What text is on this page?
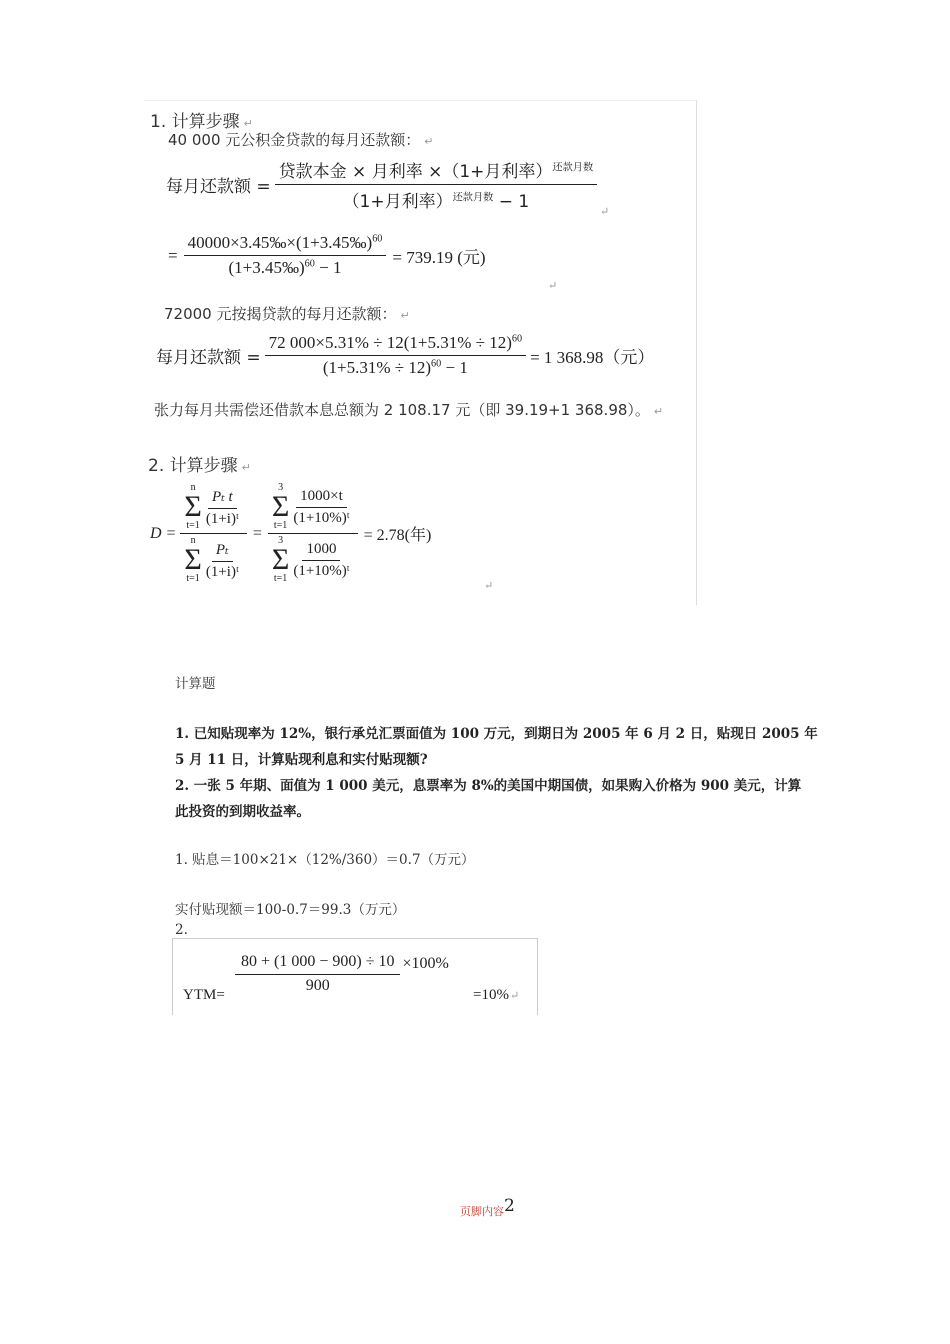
1. 计算步骤 ↵
40 000 元公积金贷款的每月还款额： ↵
每月还款额 = $\frac{贷款本金 \times 月利率 \times(1+月利率)^{还款月数}}{(1+月利率)^{还款月数} - 1}$ ↵
= $\frac{40000\times 3.45‰\times(1+3.45‰)^{60}}{(1+3.45‰)^{60} - 1} = 739.19$ (元)
↵
72000 元按揭贷款的每月还款额： ↵
每月还款额 = $\frac{72 000\times 5.31\% \div 12(1+5.31\% \div 12)^{60}}{(1+5.31\% \div 12)^{60} - 1} = 1$ 368.98（元）
张力每月共需偿还借款本息总额为 2 108.17 元（即 39.19+1 368.98）。 ↵
2. 计算步骤 ↵
D = n
Σ
$t=1 \frac{\text{Pₜ t}}{\text{(1+i)ᵗ}}$
n
Σ
$t=1 \frac{\text{Pₜ}}{\text{(1+i)ᵗ}} = 3$
Σ
$t=1 \frac{1000\times t}{\text{(1+10\%)ᵗ}}$
3
Σ
$t=1 \frac{1000}{\text{(1+10\%)ᵗ}} = 2.78$(年)
↵
计算题
1. 已知贴现率为 12%，银行承兑汇票面值为 100 万元，到期日为 2005 年 6 月 2 日，贴现日 2005 年
5 月 11 日，计算贴现利息和实付贴现额?
2. 一张 5 年期、面值为 1 000 美元，息票率为 8%的美国中期国债，如果购入价格为 900 美元，计算
此投资的到期收益率。
1. 贴息＝100×21×（12%/360）＝0.7（万元）
实付贴现额＝100-0.7＝99.3（万元）
2.
$YTM= \frac{80 + (1 000 - 900) \div 10}{900} \times 100\%$
=10%↵
页脚内容2
